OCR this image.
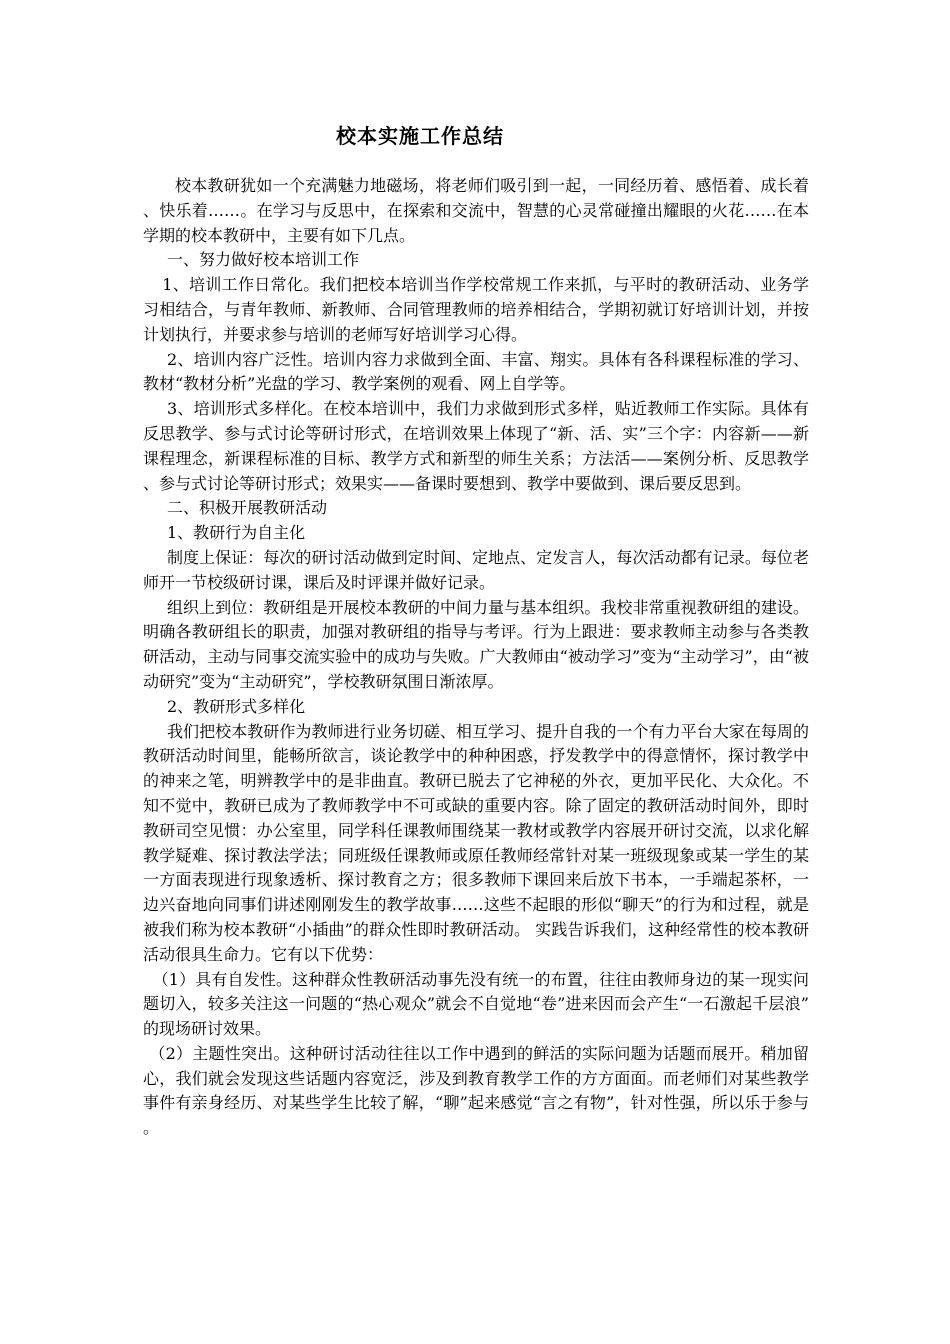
校本实施工作总结

校本教研犹如一个充满魅力地磁场，将老师们吸引到一起，一同经历着、感悟着、成长着、快乐着……。在学习与反思中，在探索和交流中，智慧的心灵常碰撞出耀眼的火花……在本学期的校本教研中，主要有如下几点。

一、努力做好校本培训工作

1、培训工作日常化。我们把校本培训当作学校常规工作来抓，与平时的教研活动、业务学习相结合，与青年教师、新教师、合同管理教师的培养相结合，学期初就订好培训计划，并按计划执行，并要求参与培训的老师写好培训学习心得。

2、培训内容广泛性。培训内容力求做到全面、丰富、翔实。具体有各科课程标准的学习、教材“教材分析”光盘的学习、教学案例的观看、网上自学等。

3、培训形式多样化。在校本培训中，我们力求做到形式多样，贴近教师工作实际。具体有反思教学、参与式讨论等研讨形式，在培训效果上体现了“新、活、实”三个字：内容新——新课程理念，新课程标准的目标、教学方式和新型的师生关系；方法活——案例分析、反思教学、参与式讨论等研讨形式；效果实——备课时要想到、教学中要做到、课后要反思到。

二、积极开展教研活动

1、教研行为自主化

制度上保证：每次的研讨活动做到定时间、定地点、定发言人，每次活动都有记录。每位老师开一节校级研讨课，课后及时评课并做好记录。

组织上到位：教研组是开展校本教研的中间力量与基本组织。我校非常重视教研组的建设。明确各教研组长的职责，加强对教研组的指导与考评。行为上跟进：要求教师主动参与各类教研活动，主动与同事交流实验中的成功与失败。广大教师由“被动学习”变为“主动学习”，由“被动研究”变为“主动研究”，学校教研氛围日渐浓厚。

2、教研形式多样化

我们把校本教研作为教师进行业务切磋、相互学习、提升自我的一个有力平台大家在每周的教研活动时间里，能畅所欲言，谈论教学中的种种困惑，抒发教学中的得意情怀，探讨教学中的神来之笔，明辨教学中的是非曲直。教研已脱去了它神秘的外衣，更加平民化、大众化。不知不觉中，教研已成为了教师教学中不可或缺的重要内容。除了固定的教研活动时间外，即时教研司空见惯：办公室里，同学科任课教师围绕某一教材或教学内容展开研讨交流，以求化解教学疑难、探讨教法学法；同班级任课教师或原任教师经常针对某一班级现象或某一学生的某一方面表现进行现象透析、探讨教育之方；很多教师下课回来后放下书本，一手端起茶杯，一边兴奋地向同事们讲述刚刚发生的教学故事……这些不起眼的形似“聊天”的行为和过程，就是被我们称为校本教研“小插曲”的群众性即时教研活动。 实践告诉我们，这种经常性的校本教研活动很具生命力。它有以下优势：

（1）具有自发性。这种群众性教研活动事先没有统一的布置，往往由教师身边的某一现实问题切入，较多关注这一问题的“热心观众”就会不自觉地“卷”进来因而会产生“一石激起千层浪”的现场研讨效果。

（2）主题性突出。这种研讨活动往往以工作中遇到的鲜活的实际问题为话题而展开。稍加留心，我们就会发现这些话题内容宽泛，涉及到教育教学工作的方方面面。而老师们对某些教学事件有亲身经历、对某些学生比较了解，“聊”起来感觉“言之有物”，针对性强，所以乐于参与。
